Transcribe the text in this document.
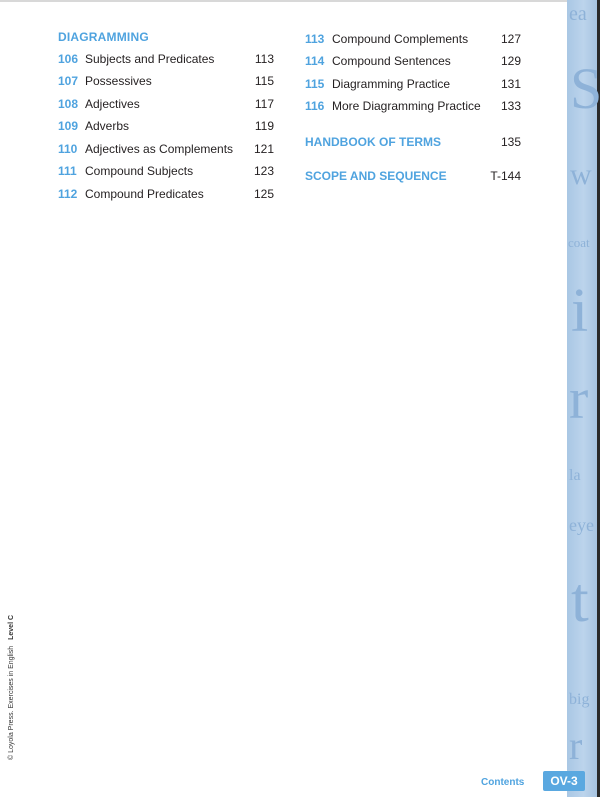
DIAGRAMMING
106 Subjects and Predicates	113
107 Possessives	115
108 Adjectives	117
109 Adverbs	119
110 Adjectives as Complements 121
111 Compound Subjects	123
112 Compound Predicates	125
113 Compound Complements	127
114 Compound Sentences	129
115 Diagramming Practice	131
116 More Diagramming Practice 133
HANDBOOK OF TERMS	135
SCOPE AND SEQUENCE	T-144
ea
S
w
coat
i
r
la
eye
t
big
r
© Loyola Press. Exercises in EnglishLevel C
Contents	OV-3
